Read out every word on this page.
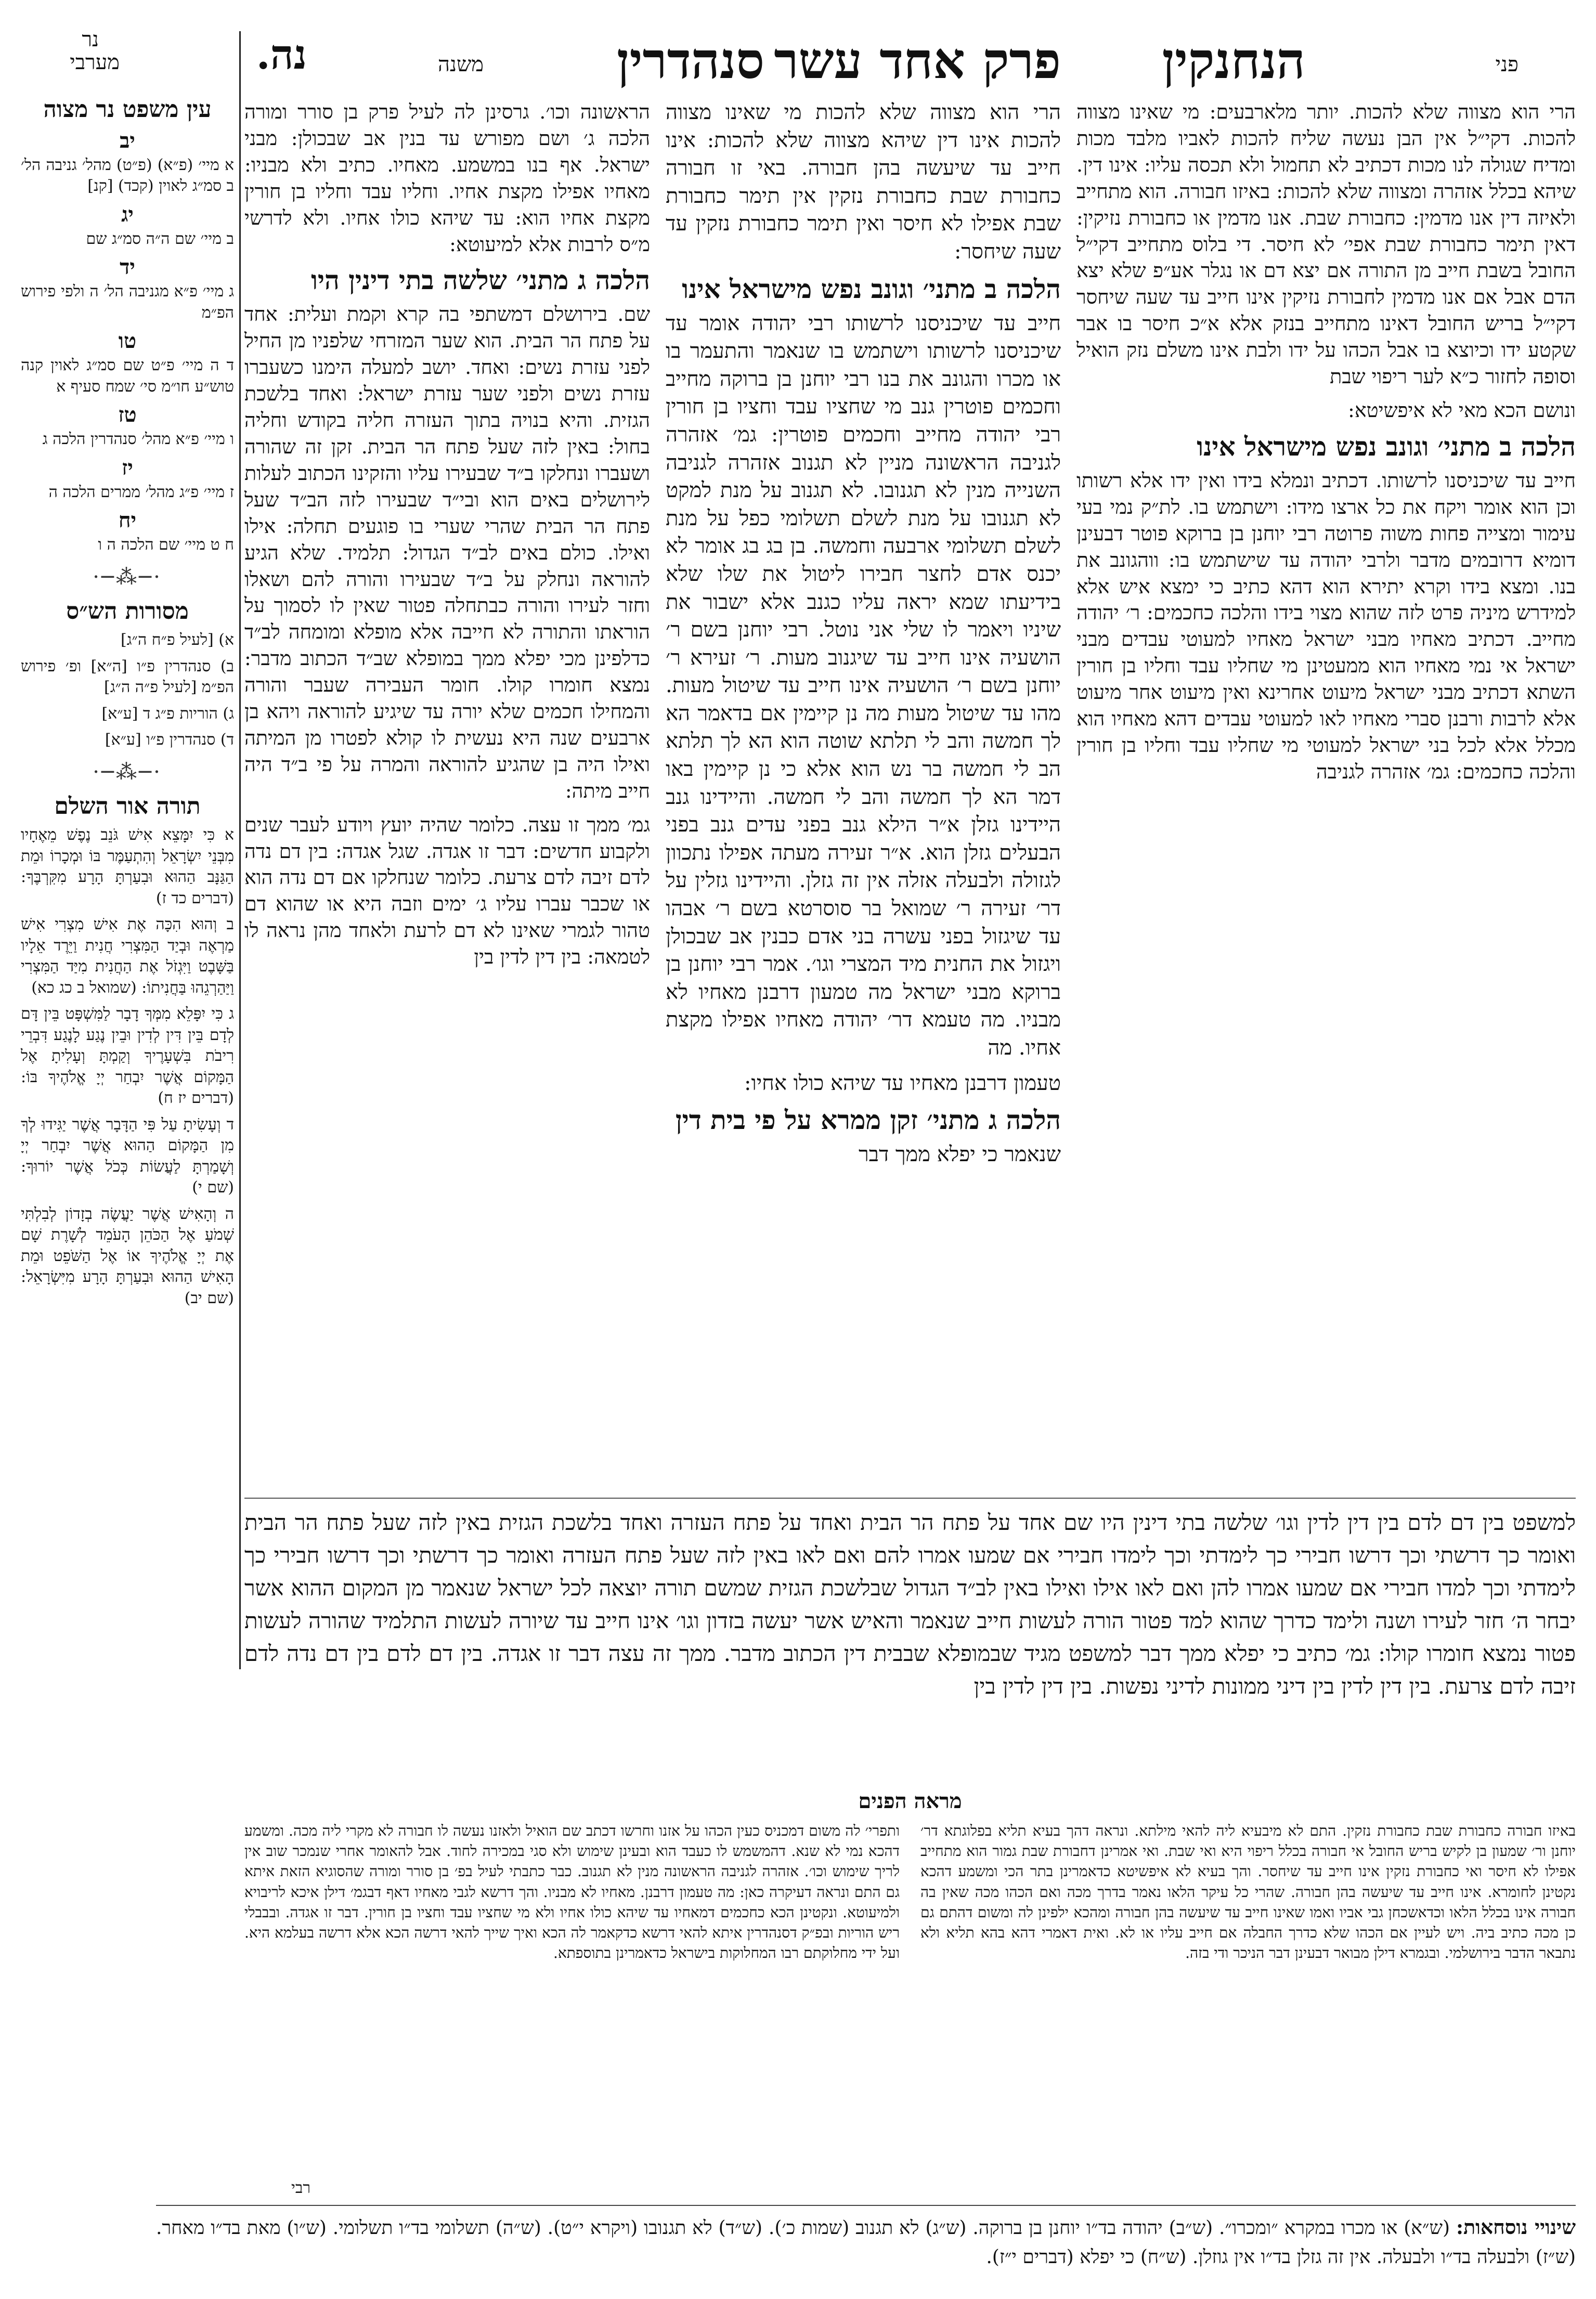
פני
הנחנקין
פרק אחד עשר
סנהדרין
משנה
נה.
נר
מערבי
עין משפט נר מצוה
יב
א מיי׳ (פ״א) (פ״ט) מהל׳ גניבה הל׳ ב סמ״ג לאוין (קכד) [קנ]
יג
ב מיי׳ שם ה״ה סמ״ג שם
יד
ג מיי׳ פ״א מגניבה הל׳ ה ולפי פירוש הפ״מ
טו
ד ה מיי׳ פ״ט שם סמ״ג לאוין קנה טוש״ע חו״מ סי׳ שמח סעיף א
טז
ו מיי׳ פ״א מהל׳ סנהדרין הלכה ג
יז
ז מיי׳ פ״ג מהל׳ ממרים הלכה ה
יח
ח ט מיי׳ שם הלכה ה ו
·─⁂─·
מסורות הש״ס
א) [לעיל פ״ח ה״ג]
ב) סנהדרין פ״ו [ה״א] ופ׳ פירוש הפ״מ [לעיל פ״ה ה״ג]
ג) הוריות פ״ג ד [ע״א]
ד) סנהדרין פ״ו [ע״א]
·─⁂─·
תורה אור השלם
א כִּי יִמָּצֵא אִישׁ גֹּנֵב נֶפֶשׁ מֵאֶחָיו מִבְּנֵי יִשְׂרָאֵל וְהִתְעַמֶּר בּוֹ וּמְכָרוֹ וּמֵת הַגַּנָּב הַהוּא וּבִעַרְתָּ הָרָע מִקִּרְבֶּךָ: (דברים כד ז)
ב וְהוּא הִכָּה אֶת אִישׁ מִצְרִי אִישׁ מַרְאֶה וּבְיַד הַמִּצְרִי חֲנִית וַיֵּרֶד אֵלָיו בַּשָּׁבֶט וַיִּגְזֹל אֶת הַחֲנִית מִיַּד הַמִּצְרִי וַיַּהַרְגֵהוּ בַּחֲנִיתוֹ: (שמואל ב כג כא)
ג כִּי יִפָּלֵא מִמְּךָ דָבָר לַמִּשְׁפָּט בֵּין דָּם לְדָם בֵּין דִּין לְדִין וּבֵין נֶגַע לָנֶגַע דִּבְרֵי רִיבֹת בִּשְׁעָרֶיךָ וְקַמְתָּ וְעָלִיתָ אֶל הַמָּקוֹם אֲשֶׁר יִבְחַר יְיָ אֱלֹהֶיךָ בּוֹ: (דברים יז ח)
ד וְעָשִׂיתָ עַל פִּי הַדָּבָר אֲשֶׁר יַגִּידוּ לְךָ מִן הַמָּקוֹם הַהוּא אֲשֶׁר יִבְחַר יְיָ וְשָׁמַרְתָּ לַעֲשׂוֹת כְּכֹל אֲשֶׁר יוֹרוּךָ: (שם י)
ה וְהָאִישׁ אֲשֶׁר יַעֲשֶׂה בְזָדוֹן לְבִלְתִּי שְׁמֹעַ אֶל הַכֹּהֵן הָעֹמֵד לְשָׁרֶת שָׁם אֶת יְיָ אֱלֹהֶיךָ אוֹ אֶל הַשֹּׁפֵט וּמֵת הָאִישׁ הַהוּא וּבִעַרְתָּ הָרָע מִיִּשְׂרָאֵל: (שם יב)
הרי הוא מצווה שלא להכות. יותר מלארבעים: מי שאינו מצווה להכות. דקי״ל אין הבן נעשה שליח להכות לאביו מלבד מכות ומדיח שגולה לנו מכות דכתיב לא תחמול ולא תכסה עליו: אינו דין. שיהא בכלל אזהרה ומצווה שלא להכות: באיזו חבורה. הוא מתחייב ולאיזה דין אנו מדמין: כחבורת שבת. אנו מדמין או כחבורת נזיקין: דאין תימר כחבורת שבת אפי׳ לא חיסר. די בלוס מתחייב דקי״ל החובל בשבת חייב מן התורה אם יצא דם או נגלר אע״פ שלא יצא הדם אבל אם אנו מדמין לחבורת נזיקין אינו חייב עד שעה שיחסר דקי״ל בריש החובל דאינו מתחייב בנזק אלא א״כ חיסר בו אבר שקטע ידו וכיוצא בו אבל הכהו על ידו ולבת אינו משלם נזק הואיל וסופה לחזור כ״א לער ריפוי שבת
ונושם הכא מאי לא איפשיטא:
הלכה ב מתני׳ וגונב נפש מישראל אינו
חייב עד שיכניסנו לרשותו. דכתיב ונמלא בידו ואין ידו אלא רשותו וכן הוא אומר ויקח את כל ארצו מידו: וישתמש בו. לת״ק נמי בעי עימור ומצייה פחות משוה פרוטה רבי יוחנן בן ברוקא פוטר דבעינן דומיא דרובמים מדבר ולרבי יהודה עד שישתמש בו: ווהגונב את בנו. ומצא בידו וקרא יתירא הוא דהא כתיב כי ימצא איש אלא למידרש מיניה פרט לזה שהוא מצוי בידו והלכה כחכמים: ר׳ יהודה מחייב. דכתיב מאחיו מבני ישראל מאחיו למעוטי עבדים מבני ישראל אי נמי מאחיו הוא ממעטינן מי שחליו עבד וחליו בן חורין השתא דכתיב מבני ישראל מיעוט אחרינא ואין מיעוט אחר מיעוט אלא לרבות ורבנן סברי מאחיו לאו למעוטי עבדים דהא מאחיו הוא מכלל אלא לכל בני ישראל למעוטי מי שחליו עבד וחליו בן חורין והלכה כחכמים: גמ׳ אזהרה לגניבה
הרי הוא מצווה שלא להכות מי שאינו מצווה להכות אינו דין שיהא מצווה שלא להכות: אינו חייב עד שיעשה בהן חבורה. באי זו חבורה כחבורת שבת כחבורת נזקין אין תימר כחבורת שבת אפילו לא חיסר ואין תימר כחבורת נזקין עד שעה שיחסר:
הלכה ב מתני׳ וגונב נפש מישראל אינו
חייב עד שיכניסנו לרשותו רבי יהודה אומר עד שיכניסנו לרשותו וישתמש בו שנאמר והתעמר בו או מכרו והגונב את בנו רבי יוחנן בן ברוקה מחייב וחכמים פוטרין גנב מי שחציו עבד וחציו בן חורין רבי יהודה מחייב וחכמים פוטרין: גמ׳ אזהרה לגניבה הראשונה מניין לא תגנוב אזהרה לגניבה השנייה מנין לא תגנובו. לא תגנוב על מנת למקט לא תגנובו על מנת לשלם תשלומי כפל על מנת לשלם תשלומי ארבעה וחמשה. בן בג בג אומר לא יכנס אדם לחצר חבירו ליטול את שלו שלא בידיעתו שמא יראה עליו כגנב אלא ישבור את שיניו ויאמר לו שלי אני נוטל. רבי יוחנן בשם ר׳ הושעיה אינו חייב עד שיגנוב מעות. ר׳ זעירא ר׳ יוחנן בשם ר׳ הושעיה אינו חייב עד שיטול מעות. מהו עד שיטול מעות מה נן קיימין אם בדאמר הא לך חמשה והב לי תלתא שוטה הוא הא לך תלתא הב לי חמשה בר נש הוא אלא כי נן קיימין באו דמר הא לך חמשה והב לי חמשה. והיידינו גנב היידינו גזלן א״ר הילא גנב בפני עדים גנב בפני הבעלים גזלן הוא. א״ר זעירה מעתה אפילו נתכוון לגזולה ולבעלה אזלה אין זה גזלן. והיידינו גזלין על דר׳ זעירה ר׳ שמואל בר סוסרטא בשם ר׳ אבהו עד שיגזול בפני עשרה בני אדם כבנין אב שבכולן ויגזול את החנית מיד המצרי וגו׳. אמר רבי יוחנן בן ברוקא מבני ישראל מה טמעון דרבנן מאחיו לא מבניו. מה טעמא דר׳ יהודה מאחיו אפילו מקצת אחיו. מה
טעמון דרבנן מאחיו עד שיהא כולו אחיו:
הלכה ג מתני׳ זקן ממרא על פי בית דין
שנאמר כי יפלא ממך דבר
הראשונה וכו׳. גרסינן לה לעיל פרק בן סורר ומורה הלכה ג׳ ושם מפורש עד בנין אב שבכולן: מבני ישראל. אף בנו במשמע. מאחיו. כתיב ולא מבניו: מאחיו אפילו מקצת אחיו. וחליו עבד וחליו בן חורין מקצת אחיו הוא: עד שיהא כולו אחיו. ולא לדרשי מ״ס לרבות אלא למיעוטא:
הלכה ג מתני׳ שלשה בתי דינין היו
שם. בירושלם דמשתפי בה קרא וקמת ועלית: אחד על פתח הר הבית. הוא שער המזרחי שלפניו מן החיל לפני עזרת נשים: ואחד. יושב למעלה הימנו כשעברו עזרת נשים ולפני שער עזרת ישראל: ואחד בלשכת הגזית. והיא בנויה בתוך העזרה חליה בקודש וחליה בחול: באין לזה שעל פתח הר הבית. זקן זה שהורה ושעברו ונחלקו ב״ד שבעירו עליו והזקינו הכתוב לעלות לירושלים באים הוא ובי״ד שבעירו לזה הב״ד שעל פתח הר הבית שהרי שערי בו פוגעים תחלה: אילו ואילו. כולם באים לב״ד הגדול: תלמיד. שלא הגיע להוראה ונחלק על ב״ד שבעירו והורה להם ושאלו וחזר לעירו והורה כבתחלה פטור שאין לו לסמוך על הוראתו והתורה לא חייבה אלא מופלא ומומחה לב״ד כדלפינן מכי יפלא ממך במופלא שב״ד הכתוב מדבר: נמצא חומרו קולו. חומר העבירה שעבר והורה והמחילו חכמים שלא יורה עד שיגיע להוראה ויהא בן ארבעים שנה היא נעשית לו קולא לפטרו מן המיתה ואילו היה בן שהגיע להוראה והמרה על פי ב״ד היה חייב מיתה:
גמ׳ ממך זו עצה. כלומר שהיה יועץ ויודע לעבר שנים ולקבוע חדשים: דבר זו אגדה. שגל אגדה: בין דם נדה לדם זיבה לדם צרעת. כלומר שנחלקו אם דם נדה הוא או שכבר עברו עליו ג׳ ימים וזבה היא או שהוא דם טהור לגמרי שאינו לא דם לרעת ולאחד מהן נראה לו לטמאה: בין דין לדין בין
למשפט בין דם לדם בין דין לדין וגו׳ שלשה בתי דינין היו שם אחד על פתח הר הבית ואחד על פתח העזרה ואחד בלשכת הגזית באין לזה שעל פתח הר הבית ואומר כך דרשתי וכך דרשו חבירי כך לימדתי וכך לימדו חבירי אם שמעו אמרו להם ואם לאו באין לזה שעל פתח העזרה ואומר כך דרשתי וכך דרשו חבירי כך לימדתי וכך למדו חבירי אם שמעו אמרו להן ואם לאו אילו ואילו באין לב״ד הגדול שבלשכת הגזית שמשם תורה יוצאה לכל ישראל שנאמר מן המקום ההוא אשר יבחר ה׳ חזר לעירו ושנה ולימד כדרך שהוא למד פטור הורה לעשות חייב שנאמר והאיש אשר יעשה בזדון וגו׳ אינו חייב עד שיורה לעשות התלמיד שהורה לעשות פטור נמצא חומרו קולו: גמ׳ כתיב כי יפלא ממך דבר למשפט מגיד שבמופלא שבבית דין הכתוב מדבר. ממך זה עצה דבר זו אגדה. בין דם לדם בין דם נדה לדם זיבה לדם צרעת. בין דין לדין בין דיני ממונות לדיני נפשות. בין דין לדין בין
מראה הפנים
באיזו חבורה כחבורת שבת כחבורת נזקין. התם לא מיבעיא ליה להאי מילתא. ונראה דהך בעיא תליא בפלוגתא דר׳ יוחנן ור׳ שמעון בן לקיש בריש החובל אי חבורה בכלל ריפוי היא ואי שבת. ואי אמרינן דחבורת שבת גמור הוא מתחייב אפילו לא חיסר ואי כחבורת נזקין אינו חייב עד שיחסר. והך בעיא לא איפשיטא כדאמרינן בתר הכי ומשמע דהכא נקטינן לחומרא. אינו חייב עד שיעשה בהן חבורה. שהרי כל עיקר הלאו נאמר בדרך מכה ואם הכהו מכה שאין בה חבורה אינו בכלל הלאו וכדאשכחן גבי אביו ואמו שאינו חייב עד שיעשה בהן חבורה ומהכא ילפינן לה ומשום דהתם גם כן מכה כתיב ביה. ויש לעיין אם הכהו שלא כדרך החבלה אם חייב עליו או לא. ואית דאמרי דהא בהא תליא ולא נתבאר הדבר בירושלמי. ובגמרא דילן מבואר דבעינן דבר הניכר ודי בזה.
ותפרי׳ לה משום דמכניס כעין הכהו על אזנו וחרשו דכתב שם הואיל ולאזנו נעשה לו חבורה לא מקרי ליה מכה. ומשמע דהכא נמי לא שנא. דהמשמש לו כעבד הוא ובעינן שימוש ולא סגי במכירה לחוד. אבל להאומר אחרי שנמכר שוב אין לריך שימוש וכו׳. אזהרה לגניבה הראשונה מנין לא תגנוב. כבר כתבתי לעיל בפ׳ בן סורר ומורה שהסוגיא הזאת איתא גם התם ונראה דעיקרה כאן: מה טעמון דרבנן. מאחיו לא מבניו. והך דרשא לגבי מאחיו דאף דבגמ׳ דילן איכא לריבויא ולמיעוטא. ונקטינן הכא כחכמים דמאחיו עד שיהא כולו אחיו ולא מי שחציו עבד וחציו בן חורין. דבר זו אגדה. ובבבלי ריש הוריות ובפ״ק דסנהדרין איתא להאי דרשא כדקאמר לה הכא ואיך שייך להאי דרשה הכא אלא דרשה בעלמא היא. ועל ידי מחלוקתם רבו המחלוקות בישראל כדאמרינן בתוספתא.
רבי
שינויי נוסחאות: (ש״א) או מכרו במקרא ״ומכרו״. (ש״ב) יהודה בד״ו יוחנן בן ברוקה. (ש״ג) לא תגנוב (שמות כ׳). (ש״ד) לא תגנובו (ויקרא י״ט). (ש״ה) תשלומי בד״ו תשלומי. (ש״ו) מאת בד״ו מאחר. (ש״ז) ולבעלה בד״ו ולבעלה. אין זה גזלן בד״ו אין גוזלן. (ש״ח) כי יפלא (דברים י״ז).
